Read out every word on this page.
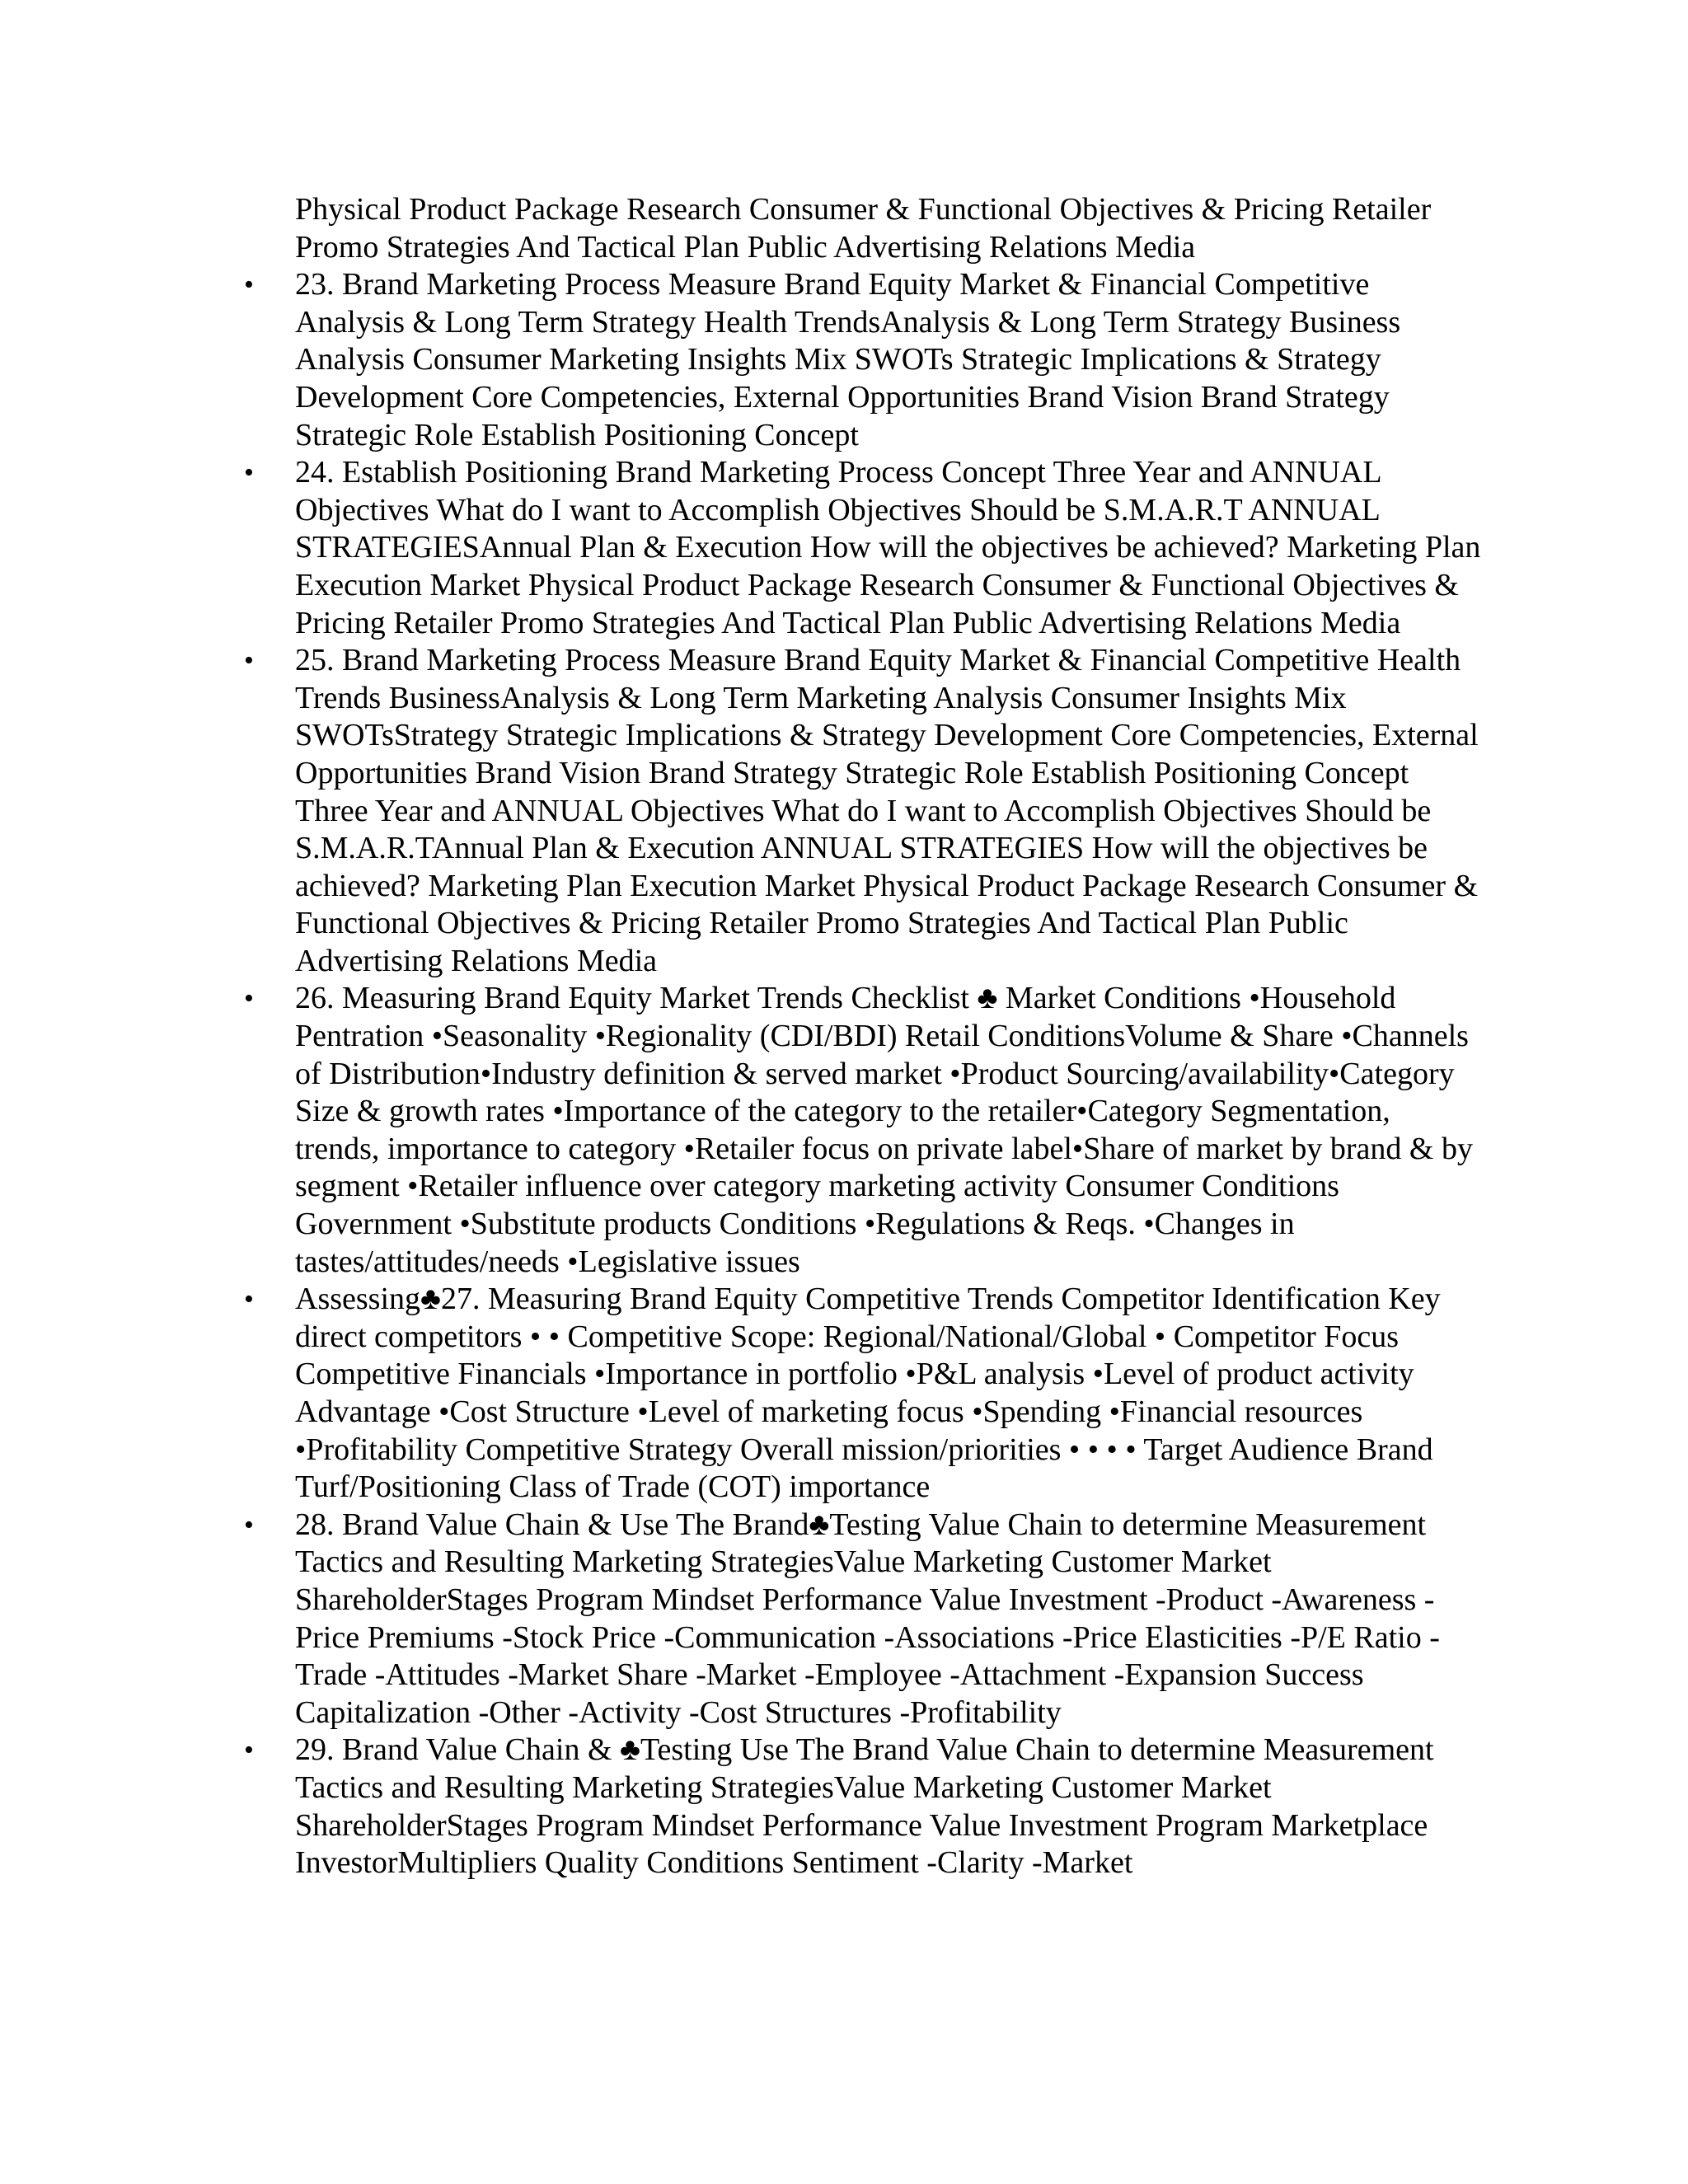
Physical Product Package Research Consumer & Functional Objectives & Pricing Retailer Promo Strategies And Tactical Plan Public Advertising Relations Media

• 23. Brand Marketing Process Measure Brand Equity Market & Financial Competitive Analysis & Long Term Strategy Health TrendsAnalysis & Long Term Strategy Business Analysis Consumer Marketing Insights Mix SWOTs Strategic Implications & Strategy Development Core Competencies, External Opportunities Brand Vision Brand Strategy Strategic Role Establish Positioning Concept
• 24. Establish Positioning Brand Marketing Process Concept Three Year and ANNUAL Objectives What do I want to Accomplish Objectives Should be S.M.A.R.T ANNUAL STRATEGIESAnnual Plan & Execution How will the objectives be achieved? Marketing Plan Execution Market Physical Product Package Research Consumer & Functional Objectives & Pricing Retailer Promo Strategies And Tactical Plan Public Advertising Relations Media
• 25. Brand Marketing Process Measure Brand Equity Market & Financial Competitive Health Trends BusinessAnalysis & Long Term Marketing Analysis Consumer Insights Mix SWOTsStrategy Strategic Implications & Strategy Development Core Competencies, External Opportunities Brand Vision Brand Strategy Strategic Role Establish Positioning Concept Three Year and ANNUAL Objectives What do I want to Accomplish Objectives Should be S.M.A.R.TAnnual Plan & Execution ANNUAL STRATEGIES How will the objectives be achieved? Marketing Plan Execution Market Physical Product Package Research Consumer & Functional Objectives & Pricing Retailer Promo Strategies And Tactical Plan Public Advertising Relations Media
• 26. Measuring Brand Equity Market Trends Checklist ♣ Market Conditions •Household Pentration •Seasonality •Regionality (CDI/BDI) Retail ConditionsVolume & Share •Channels of Distribution•Industry definition & served market •Product Sourcing/availability•Category Size & growth rates •Importance of the category to the retailer•Category Segmentation, trends, importance to category •Retailer focus on private label•Share of market by brand & by segment •Retailer influence over category marketing activity Consumer Conditions Government •Substitute products Conditions •Regulations & Reqs. •Changes in tastes/attitudes/needs •Legislative issues
• Assessing♣27. Measuring Brand Equity Competitive Trends Competitor Identification Key direct competitors • • Competitive Scope: Regional/National/Global • Competitor Focus Competitive Financials •Importance in portfolio •P&L analysis •Level of product activity Advantage •Cost Structure •Level of marketing focus •Spending •Financial resources •Profitability Competitive Strategy Overall mission/priorities • • • • Target Audience Brand Turf/Positioning Class of Trade (COT) importance
• 28. Brand Value Chain & Use The Brand♣Testing Value Chain to determine Measurement Tactics and Resulting Marketing StrategiesValue Marketing Customer Market ShareholderStages Program Mindset Performance Value Investment -Product -Awareness -Price Premiums -Stock Price -Communication -Associations -Price Elasticities -P/E Ratio -Trade -Attitudes -Market Share -Market -Employee -Attachment -Expansion Success Capitalization -Other -Activity -Cost Structures -Profitability
• 29. Brand Value Chain & ♣Testing Use The Brand Value Chain to determine Measurement Tactics and Resulting Marketing StrategiesValue Marketing Customer Market ShareholderStages Program Mindset Performance Value Investment Program Marketplace InvestorMultipliers Quality Conditions Sentiment -Clarity -Market
